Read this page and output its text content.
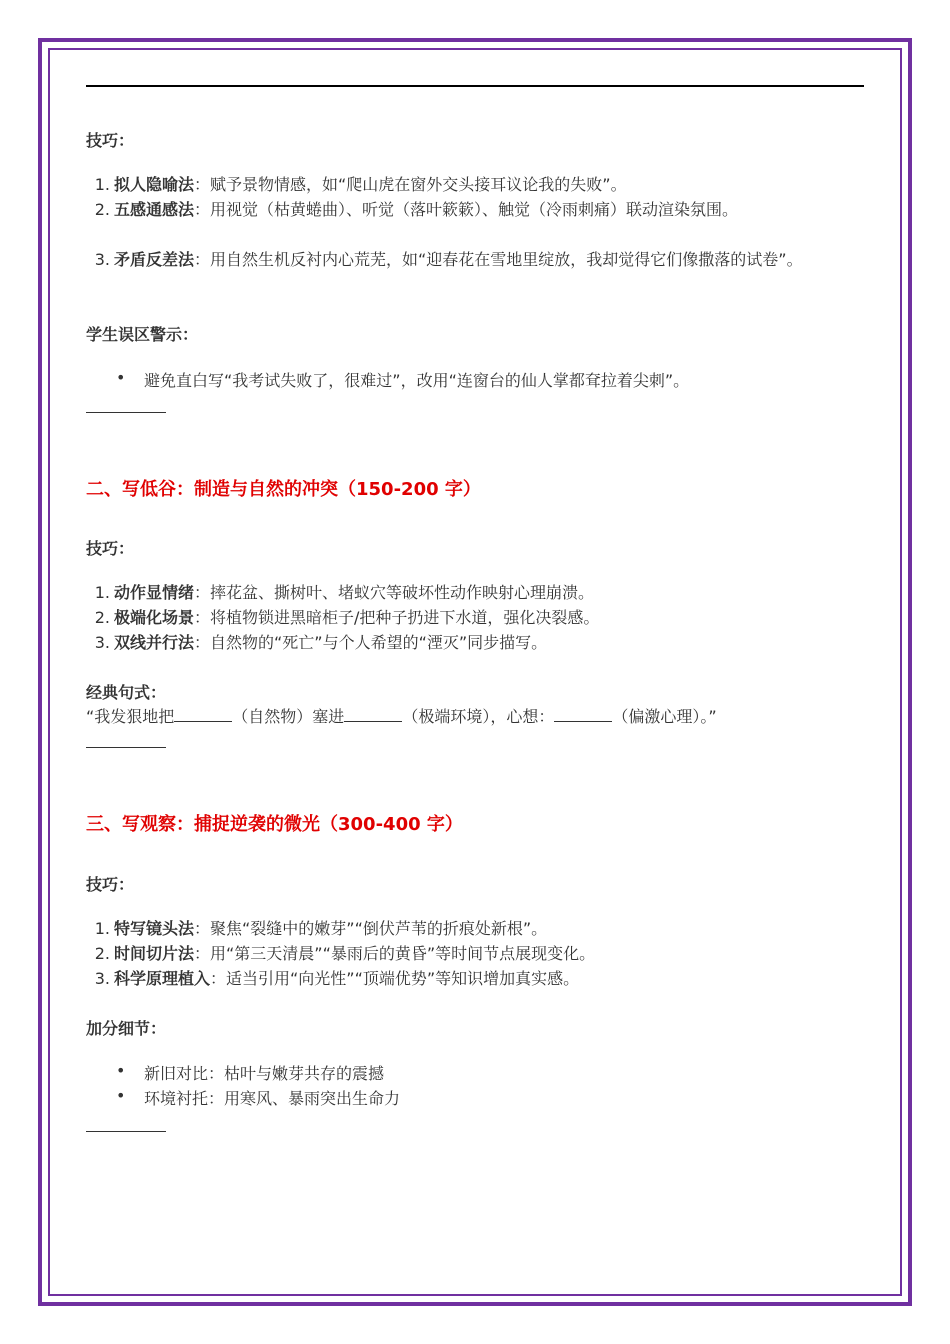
技巧：
1. 拟人隐喻法：赋予景物情感，如“爬山虎在窗外交头接耳议论我的失败”。
2. 五感通感法：用视觉（枯黄蜷曲）、听觉（落叶簌簌）、触觉（冷雨刺痛）联动渲染氛围。
3. 矛盾反差法：用自然生机反衬内心荒芜，如“迎春花在雪地里绽放，我却觉得它们像撒落的试卷”。
学生误区警示：
• 避免直白写“我考试失败了，很难过”，改用“连窗台的仙人掌都耷拉着尖刺”。
二、写低谷：制造与自然的冲突（150-200 字）
技巧：
1. 动作显情绪：摔花盆、撕树叶、堵蚁穴等破坏性动作映射心理崩溃。
2. 极端化场景：将植物锁进黑暗柜子/把种子扔进下水道，强化决裂感。
3. 双线并行法：自然物的“死亡”与个人希望的“湮灭”同步描写。
经典句式：
“我发狠地把	（自然物）塞进	（极端环境），心想：	（偏激心理）。”
三、写观察：捕捉逆袭的微光（300-400 字）
技巧：
1. 特写镜头法：聚焦“裂缝中的嫩芽”“倒伏芦苇的折痕处新根”。
2. 时间切片法：用“第三天清晨”“暴雨后的黄昏”等时间节点展现变化。
3. 科学原理植入：适当引用“向光性”“顶端优势”等知识增加真实感。
加分细节：
• 新旧对比：枯叶与嫩芽共存的震撼
• 环境衬托：用寒风、暴雨突出生命力
